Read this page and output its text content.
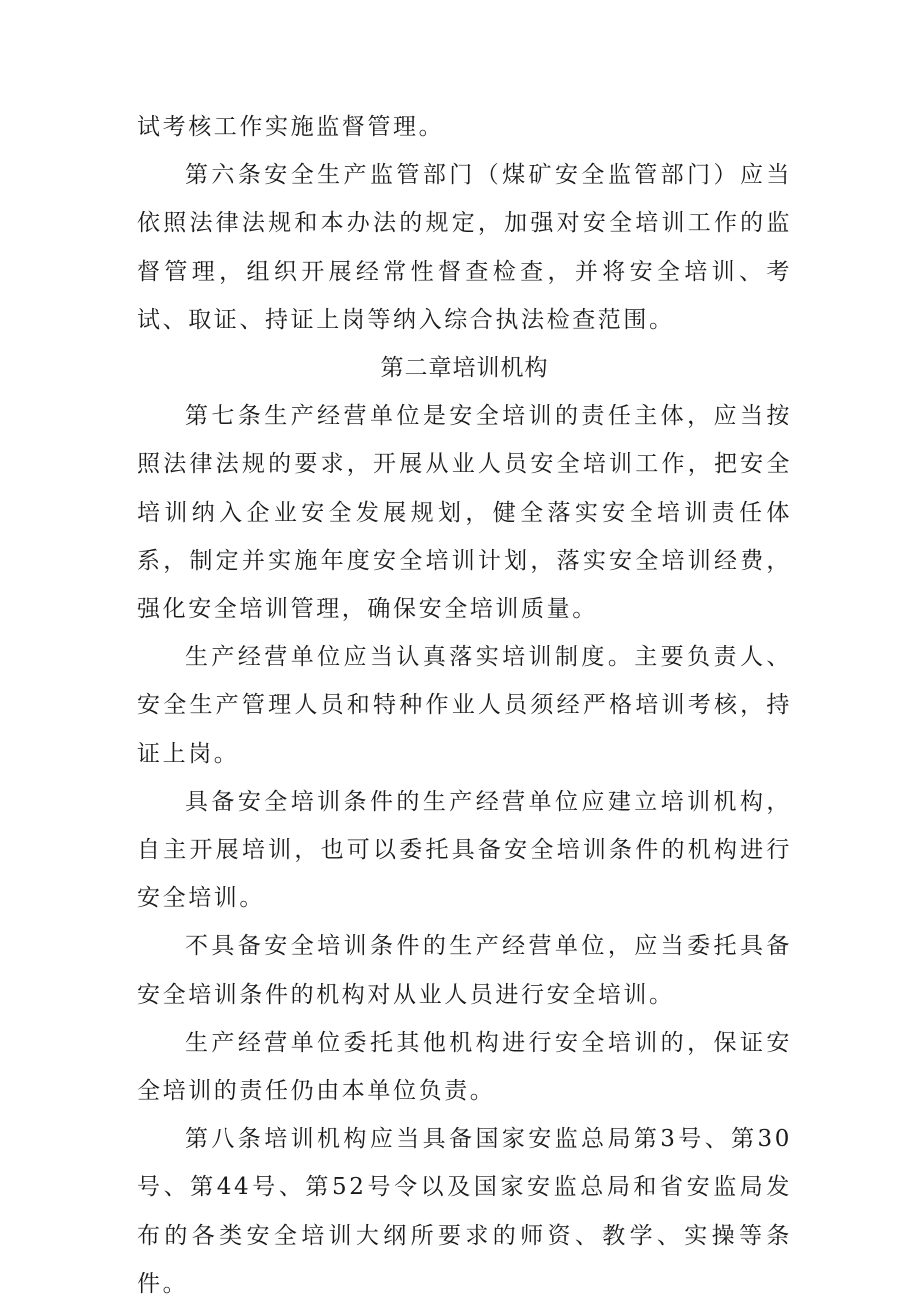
试考核工作实施监督管理。

第六条安全生产监管部门（煤矿安全监管部门）应当依照法律法规和本办法的规定，加强对安全培训工作的监督管理，组织开展经常性督查检查，并将安全培训、考试、取证、持证上岗等纳入综合执法检查范围。

第二章培训机构

第七条生产经营单位是安全培训的责任主体，应当按照法律法规的要求，开展从业人员安全培训工作，把安全培训纳入企业安全发展规划，健全落实安全培训责任体系，制定并实施年度安全培训计划，落实安全培训经费，强化安全培训管理，确保安全培训质量。

生产经营单位应当认真落实培训制度。主要负责人、安全生产管理人员和特种作业人员须经严格培训考核，持证上岗。

具备安全培训条件的生产经营单位应建立培训机构，自主开展培训，也可以委托具备安全培训条件的机构进行安全培训。

不具备安全培训条件的生产经营单位，应当委托具备安全培训条件的机构对从业人员进行安全培训。

生产经营单位委托其他机构进行安全培训的，保证安全培训的责任仍由本单位负责。

第八条培训机构应当具备国家安监总局第3号、第30号、第44号、第52号令以及国家安监总局和省安监局发布的各类安全培训大纲所要求的师资、教学、实操等条件。
